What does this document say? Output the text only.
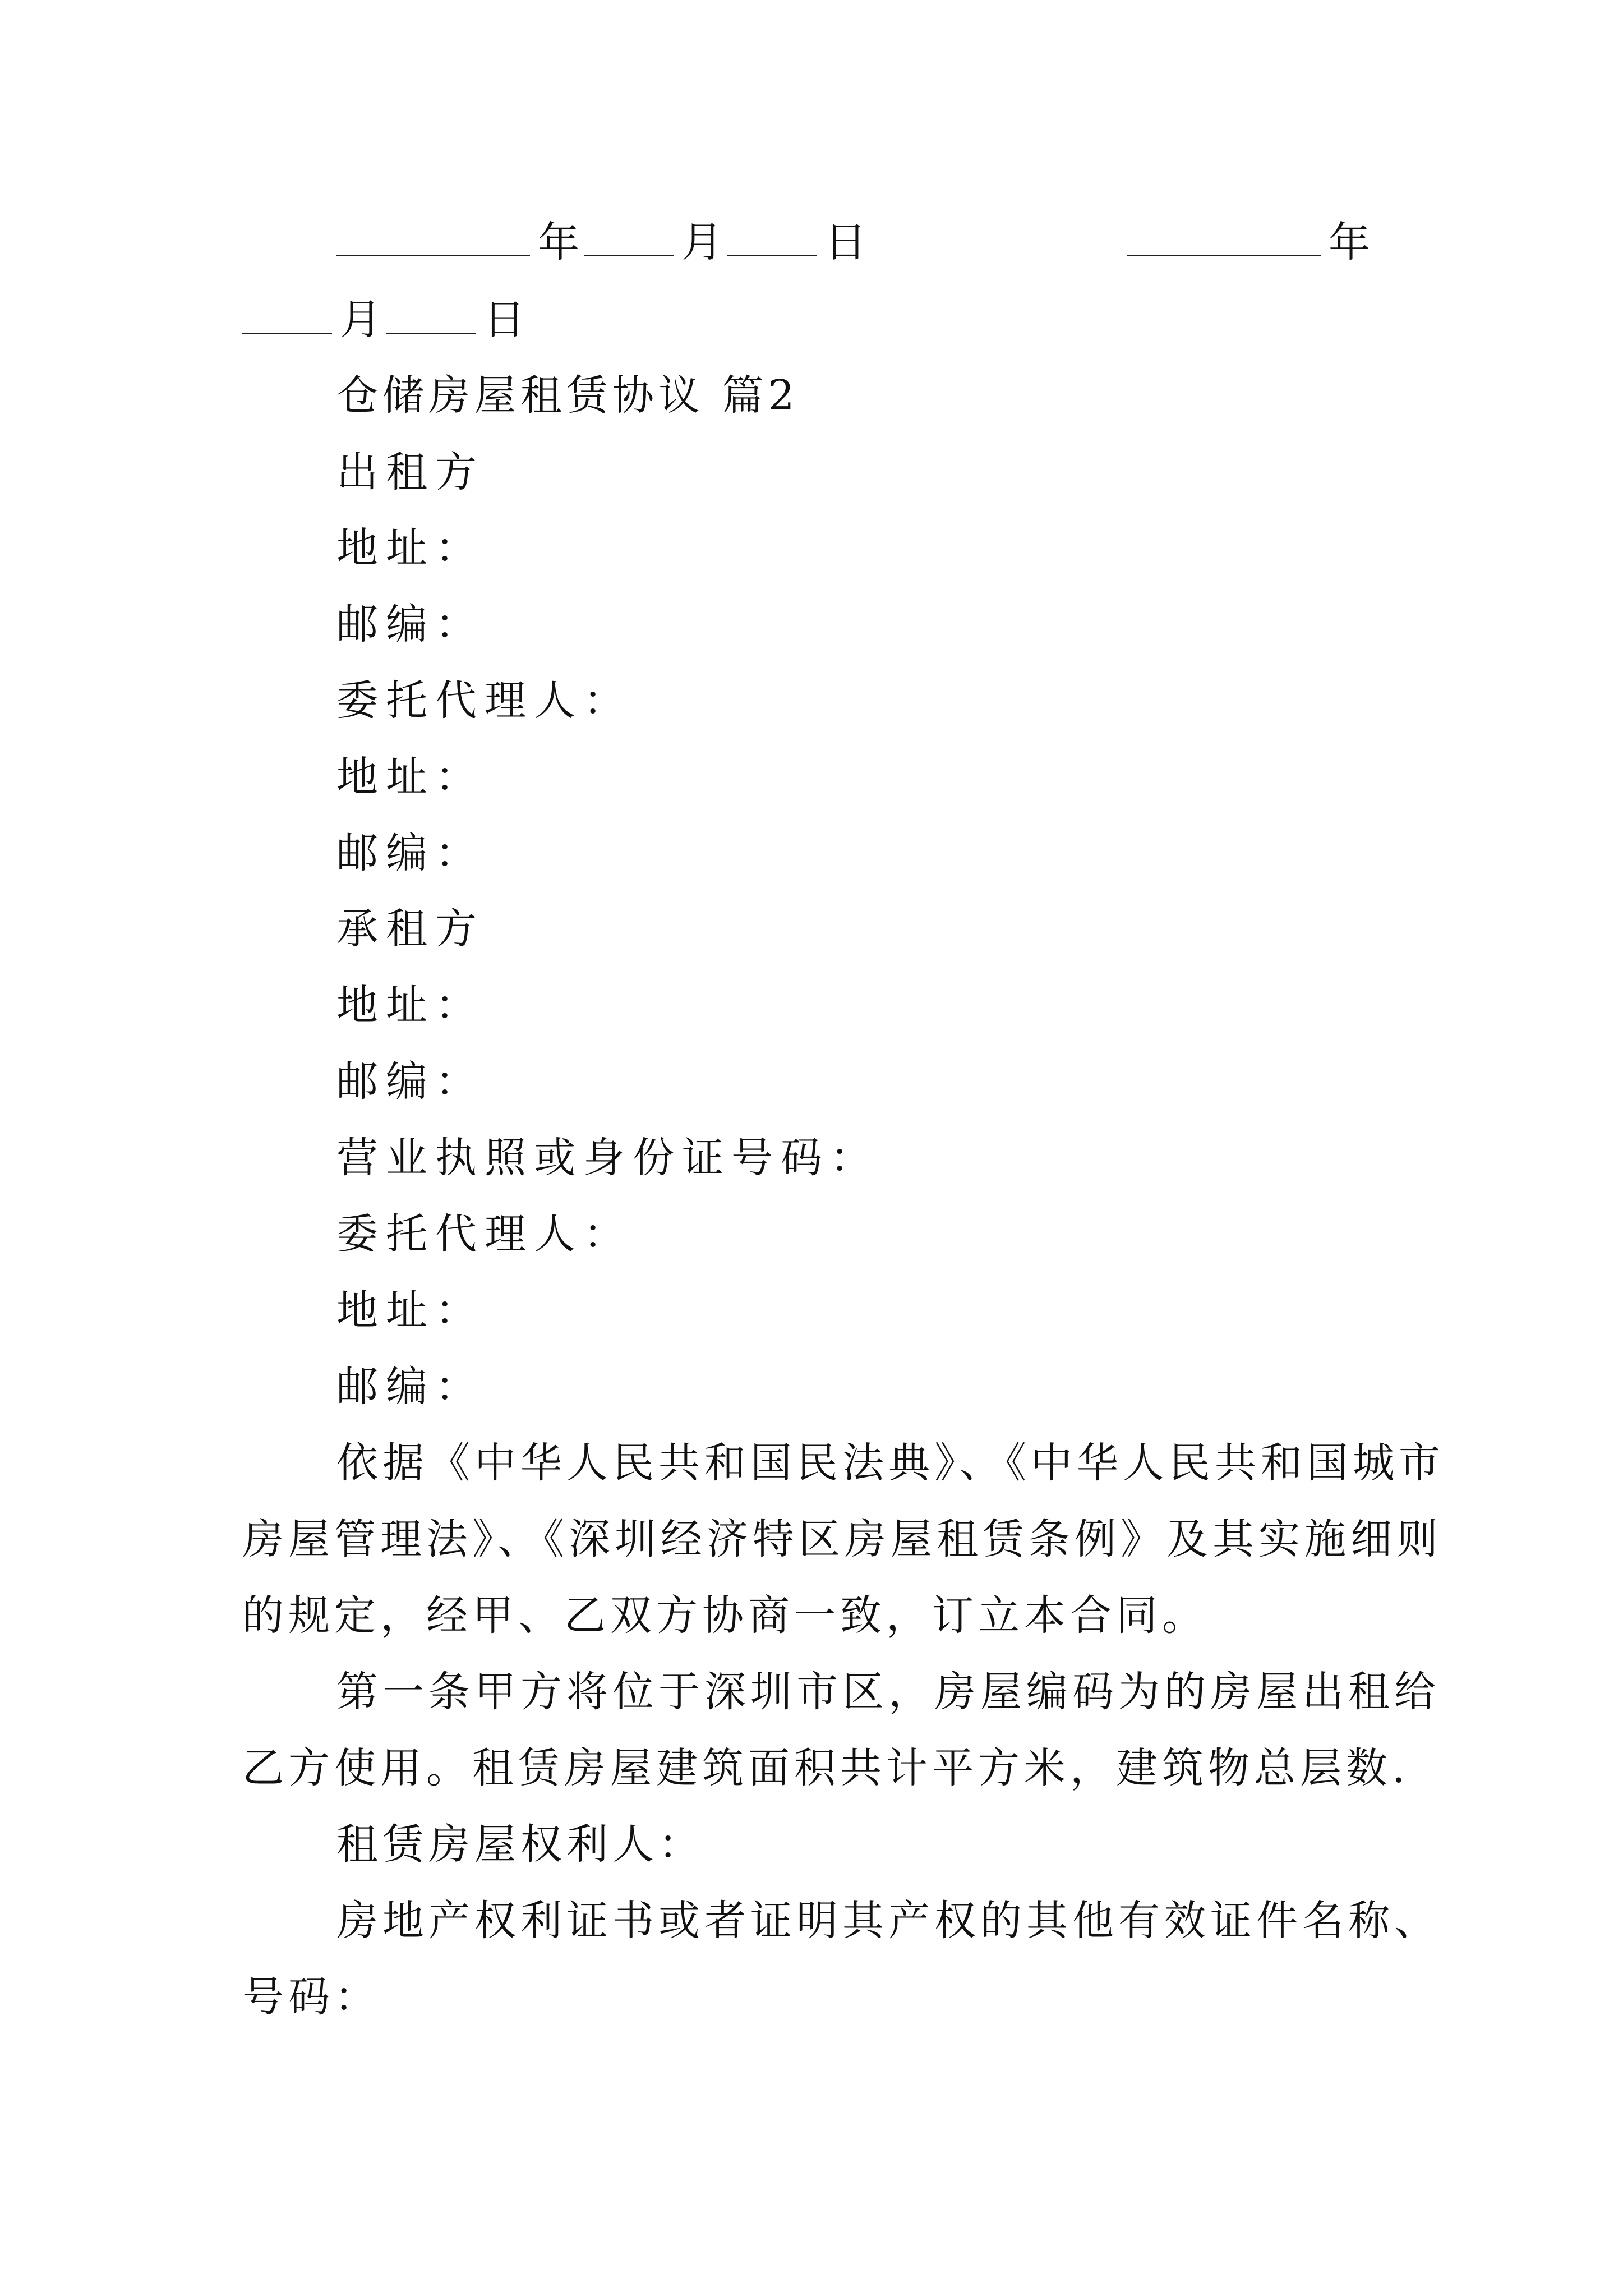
年 月 日	年
月 日
仓储房屋租赁协议 篇2
出租方
地址：
邮编：
委托代理人：
地址：
邮编：
承租方
地址：
邮编：
营业执照或身份证号码：
委托代理人：
地址：
邮编：
依据《中华人民共和国民法典》、《中华人民共和国城市
房屋管理法》、《深圳经济特区房屋租赁条例》及其实施细则
的规定，经甲、乙双方协商一致，订立本合同。
第一条甲方将位于深圳市区，房屋编码为的房屋出租给
乙方使用。租赁房屋建筑面积共计平方米，建筑物总层数.
租赁房屋权利人：
房地产权利证书或者证明其产权的其他有效证件名称、
号码：
